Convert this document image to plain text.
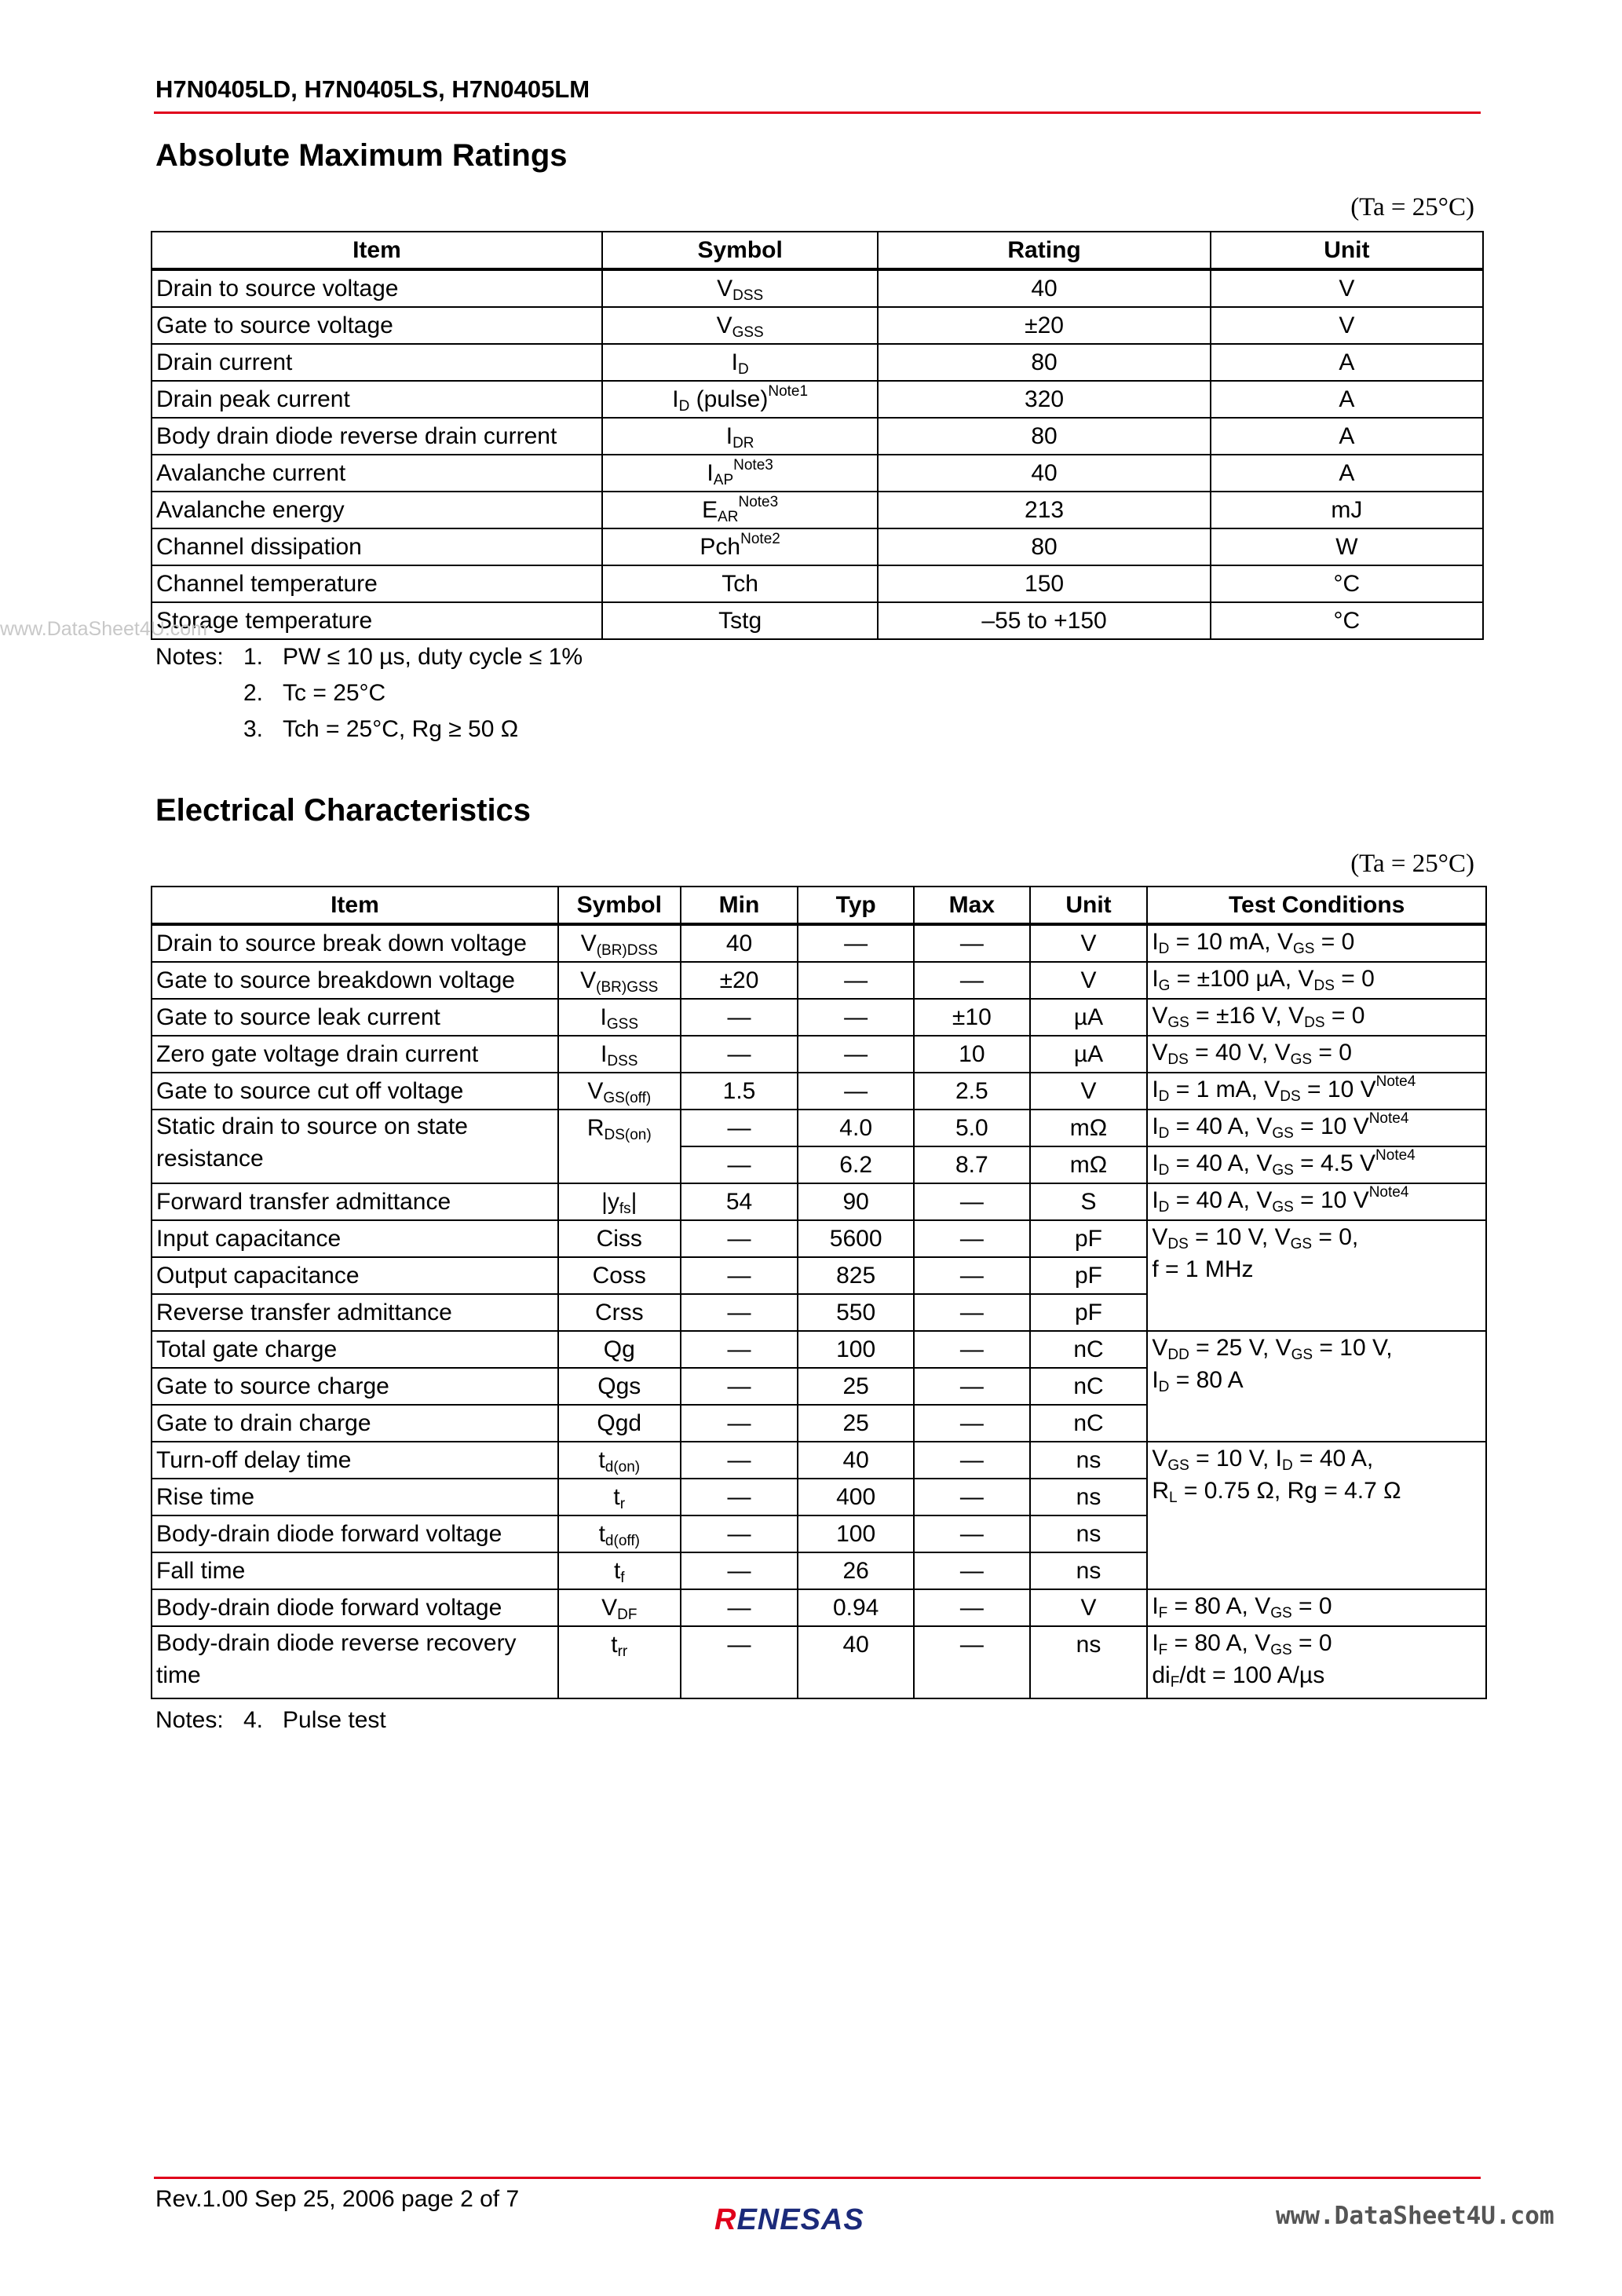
H7N0405LD, H7N0405LS, H7N0405LM
Absolute Maximum Ratings
(Ta = 25°C)
Item	Symbol	Rating	Unit
Drain to source voltage	$V_{DSS}$	40	V
Gate to source voltage	$V_{GSS}$	±20	V
Drain current	$I_D$	80	A
Drain peak current	$I_D$ (pulse)$^{Note1}$	320	A
Body drain diode reverse drain current	$I_{DR}$	80	A
Avalanche current	$I_{AP}^{Note3}$	40	A
Avalanche energy	$E_{AR}^{Note3}$	213	mJ
Channel dissipation	Pch$^{Note2}$	80	W
Channel temperature	Tch	150	°C
Storage temperature	Tstg	–55 to +150	°C
www.DataSheet4U.com
Notes: 1. PW ≤ 10 µs, duty cycle ≤ 1%
2. Tc = 25°C
3. Tch = 25°C, Rg ≥ 50 Ω
Electrical Characteristics
(Ta = 25°C)
Item	Symbol	Min	Typ	Max	Unit	Test Conditions
Drain to source break down voltage	$V_{(BR)DSS}$	40	—	—	V	$I_D = 10$ mA, $V_{GS} = 0$

Gate to source breakdown voltage	$V_{(BR)GSS}$	±20	—	—	V	$I_G = \pm 100$ µA, $V_{DS} = 0$

Gate to source leak current	$I_{GSS}$	—	—	±10	µA	$V_{GS} = \pm 16$ V, $V_{DS} = 0$

Zero gate voltage drain current	$I_{DSS}$	—	—	10	µA	$V_{DS} = 40$ V, $V_{GS} = 0$

Gate to source cut off voltage	$V_{GS(off)}$	1.5	—	2.5	V	$I_D = 1$ mA, $V_{DS} = 10$ $V^{Note4}$

Static drain to source on state resistance	$R_{DS(on)}$	—	4.0	5.0	mΩ	$I_D = 40$ A, $V_{GS} = 10$ $V^{Note4}$

		—	6.2	8.7	mΩ	$I_D = 40$ A, $V_{GS} = 4.5$ $V^{Note4}$

Forward transfer admittance	$|y_{fs}|$	54	90	—	S	$I_D = 40$ A, $V_{GS} = 10$ $V^{Note4}$

Input capacitance	Ciss	—	5600	—	pF	$V_{DS} = 10$ V, $V_{GS} = 0$,
f = 1 MHz

Output capacitance	Coss	—	825	—	pF	
Reverse transfer admittance	Crss	—	550	—	pF	
Total gate charge	Qg	—	100	—	nC	$V_{DD} = 25$ V, $V_{GS} = 10$ V,
$I_D = 80$ A

Gate to source charge	Qgs	—	25	—	nC	
Gate to drain charge	Qgd	—	25	—	nC	
Turn-off delay time	$t_{d(on)}$	—	40	—	ns	$V_{GS} = 10$ V, $I_D = 40$ A,
$R_L = 0.75$ Ω, Rg = 4.7 Ω

Rise time	$t_r$	—	400	—	ns	
Body-drain diode forward voltage	$t_{d(off)}$	—	100	—	ns	
Fall time	$t_f$	—	26	—	ns	
Body-drain diode forward voltage	$V_{DF}$	—	0.94	—	V	$I_F = 80$ A, $V_{GS} = 0$

Body-drain diode reverse recovery time	$t_{rr}$	—	40	—	ns	$I_F = 80$ A, $V_{GS} = 0$
$di_F/dt = 100$ A/µs
Notes: 4. Pulse test
Rev.1.00 Sep 25, 2006 page 2 of 7
RENESAS	www.DataSheet4U.com
